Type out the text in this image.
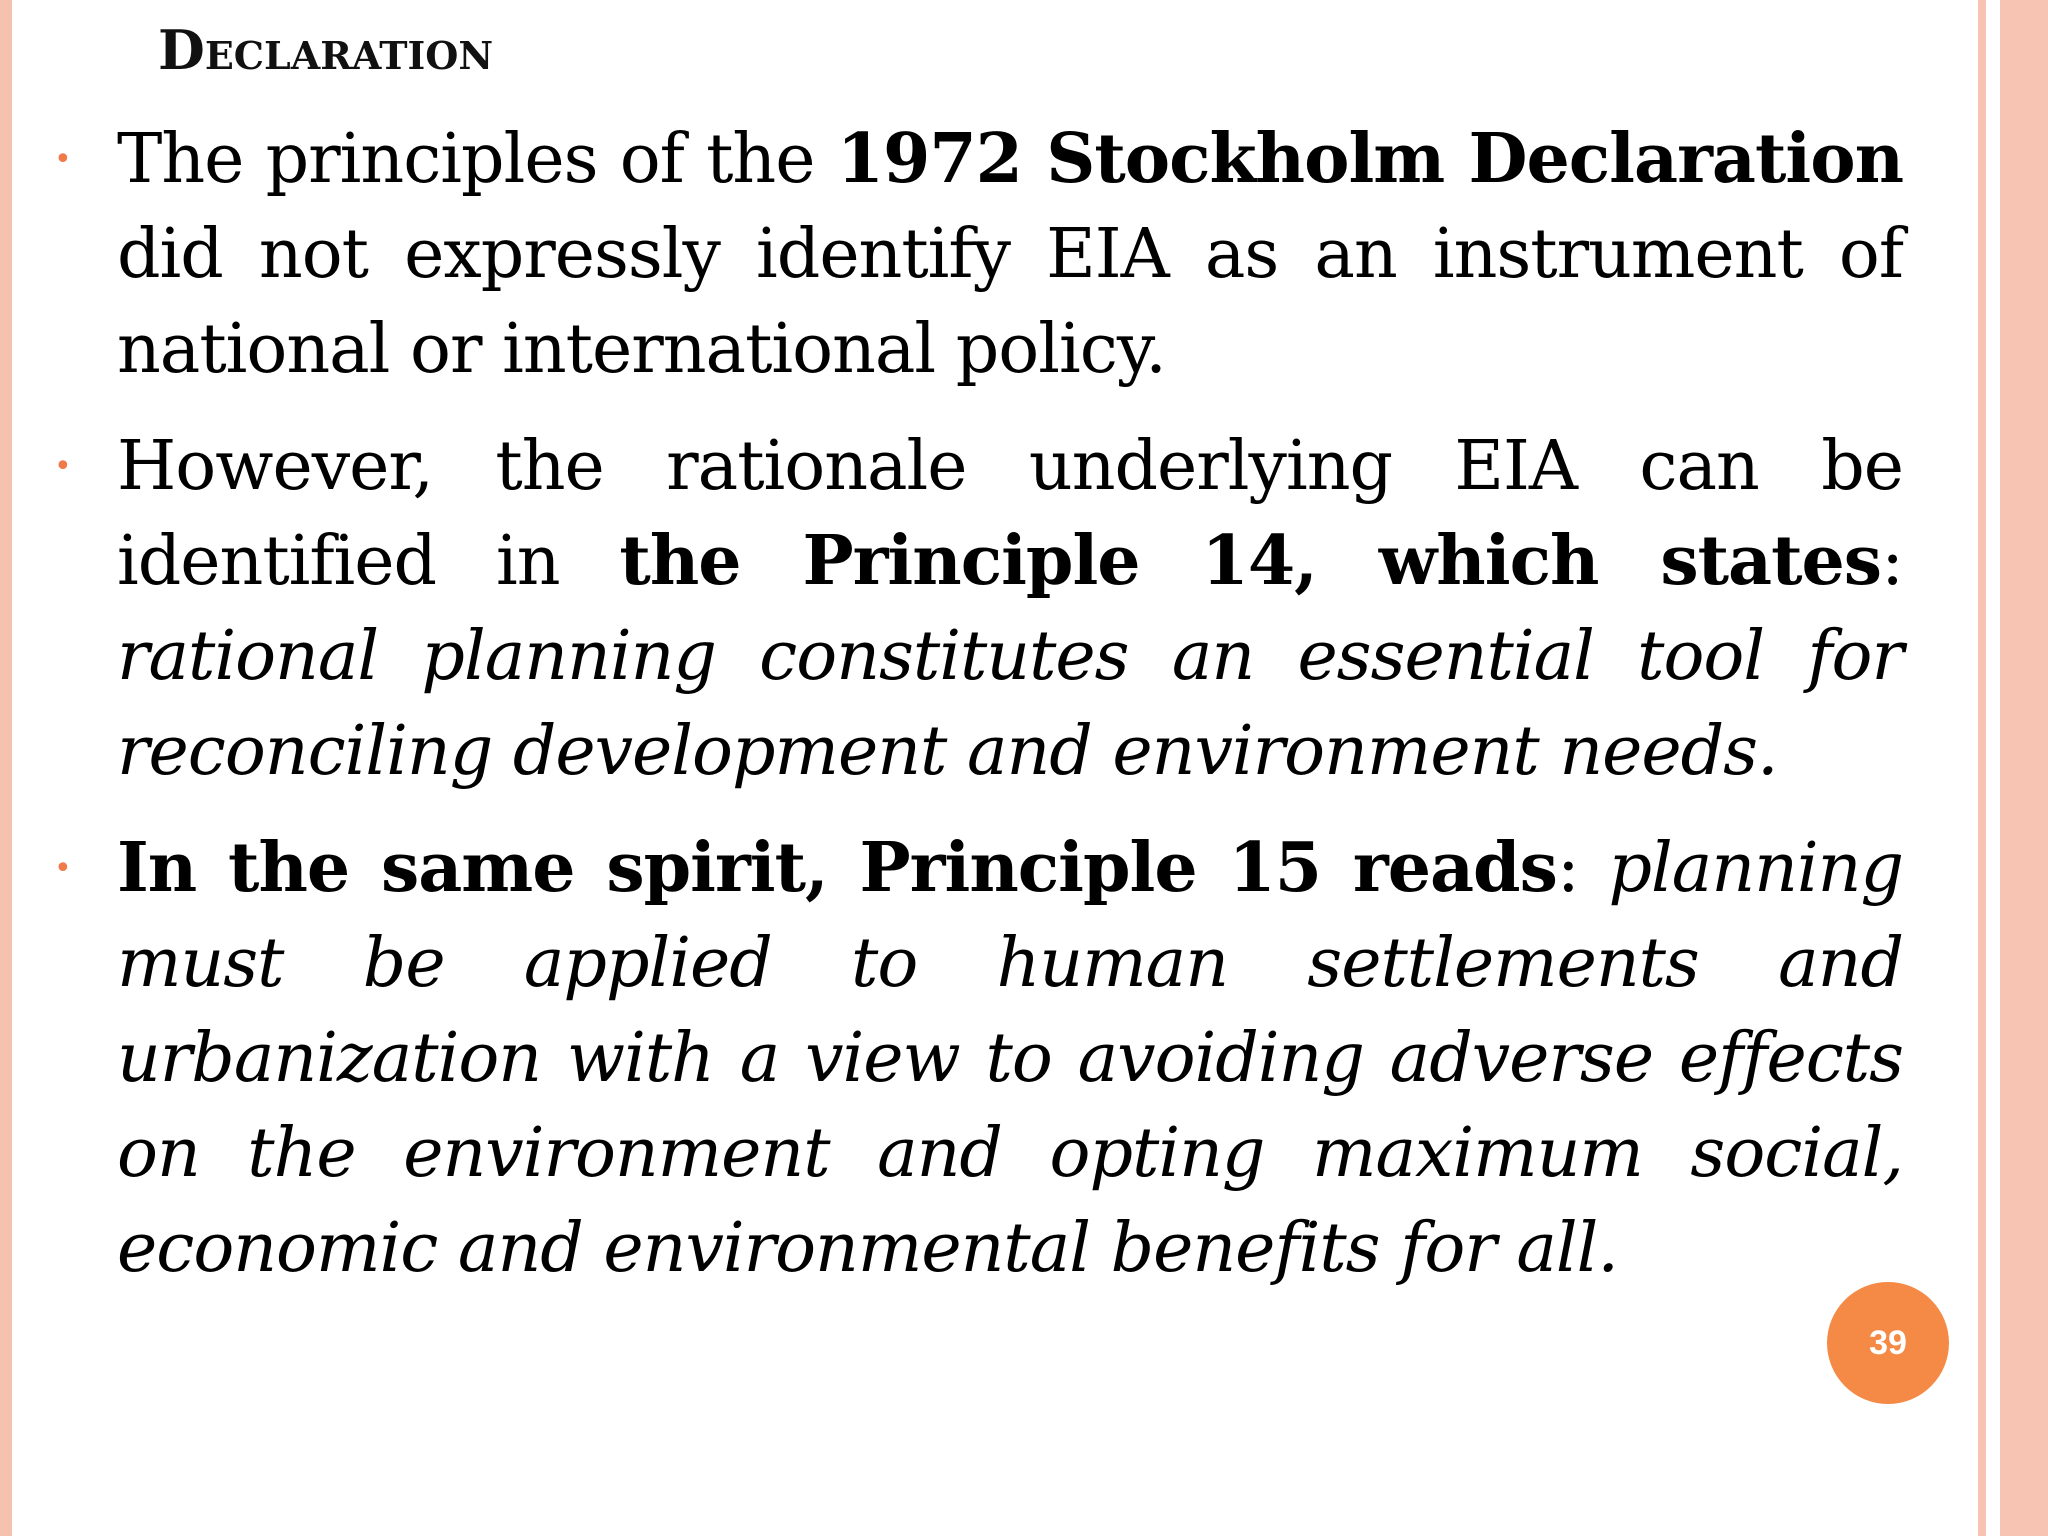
Declaration
• The principles of the 1972 Stockholm Declaration did not expressly identify EIA as an instrument of national or international policy.
• However, the rationale underlying EIA can be identified in the Principle 14, which states: rational planning constitutes an essential tool for reconciling development and environment needs.
• In the same spirit, Principle 15 reads: planning must be applied to human settlements and urbanization with a view to avoiding adverse effects on the environment and opting maximum social, economic and environmental benefits for all.
39
